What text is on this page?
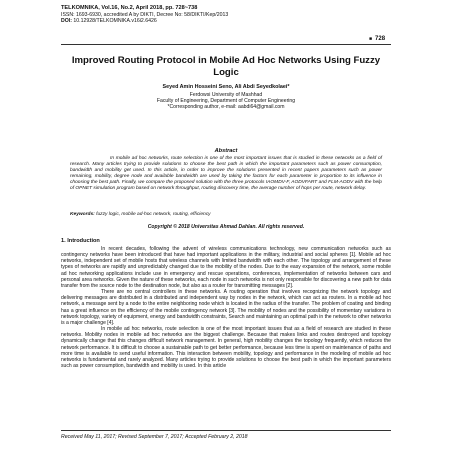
TELKOMNIKA, Vol.16, No.2, April 2018, pp. 728~738
ISSN: 1693-6930, accredited A by DIKTI, Decree No: 58/DIKTI/Kep/2013
DOI: 10.12928/TELKOMNIKA.v16i2.6426
■ 728
Improved Routing Protocol in Mobile Ad Hoc Networks Using Fuzzy Logic
Seyed Amin Hosseini Seno, Ali Abdi Seyedkolaei*
Ferdowsi University of Mashhad
Faculty of Engineering, Department of Computer Engineering
*Corresponding author, e-mail: aabdi64@gmail.com
Abstract
In mobile ad hoc networks, route selection is one of the most important issues that is studied in these networks as a field of research. Many articles trying to provide solutions to choose the best path in which the important parameters such as power consumption, bandwidth and mobility get used. In this article, in order to improve the solutions presented in recent papers parameters such as power remaining, mobility, degree node and available bandwidth are used by taking the factors for each parameter in proportion to its influence in choosing the best path. Finally, we compare the proposed solution with the three protocols IAOMDV-F, AODVFART and FLM-AODV with the help of OPNET simulation program based on network throughput, routing discovery time, the average number of hops per route, network delay.
Keywords: fuzzy logic, mobile ad-hoc network, routing, efficiency
Copyright © 2018 Universitas Ahmad Dahlan. All rights reserved.
1. Introduction

In recent decades, following the advent of wireless communications technology, new communication networks such as contingency networks have been introduced that have had important applications in the military, industrial and social spheres [1]. Mobile ad hoc networks, independent set of mobile hosts that wireless channels with limited bandwidth with each other. The topology and arrangement of these types of networks are rapidly and unpredictably changed due to the mobility of the nodes. Due to the easy expansion of the network, some mobile ad hoc networking applications include use in emergency and rescue operations, conferences, implementation of networks between cars and personal area networks. Given the nature of these networks, each node in such networks is not only responsible for discovering a new path for data transfer from the source node to the destination node, but also as a router for transmitting messages [2].

There are no central controllers in these networks. A routing operation that involves recognizing the network topology and delivering messages are distributed in a distributed and independent way by nodes in the network, which can act as routers. In a mobile ad hoc network, a message sent by a node to the entire neighboring node which is located in the radius of the transfer. The problem of coating and binding has a great influence on the efficiency of the mobile contingency network [3]. The mobility of nodes and the possibility of momentary variations in network topology, variety of equipment, energy and bandwidth constraints, Search and maintaining an optimal path in the network to other networks is a major challenge [4].

In mobile ad hoc networks, route selection is one of the most important issues that as a field of research are studied in these networks. Mobility nodes in mobile ad hoc networks are the biggest challenge. Because that makes links and routes destroyed and topology dynamically change that this changes difficult network management. In general, high mobility changes the topology frequently, which reduces the network performance. It is difficult to choose a sustainable path to get better performance, because less time is spent on maintenance of paths and more time is available to send useful information. This interaction between mobility, topology and performance in the modeling of mobile ad hoc networks is fundamental and rarely analyzed. Many articles trying to provide solutions to choose the best path in which the important parameters such as power consumption, bandwidth and mobility is used. In this article

Received May 11, 2017; Revised September 7, 2017; Accepted February 2, 2018
